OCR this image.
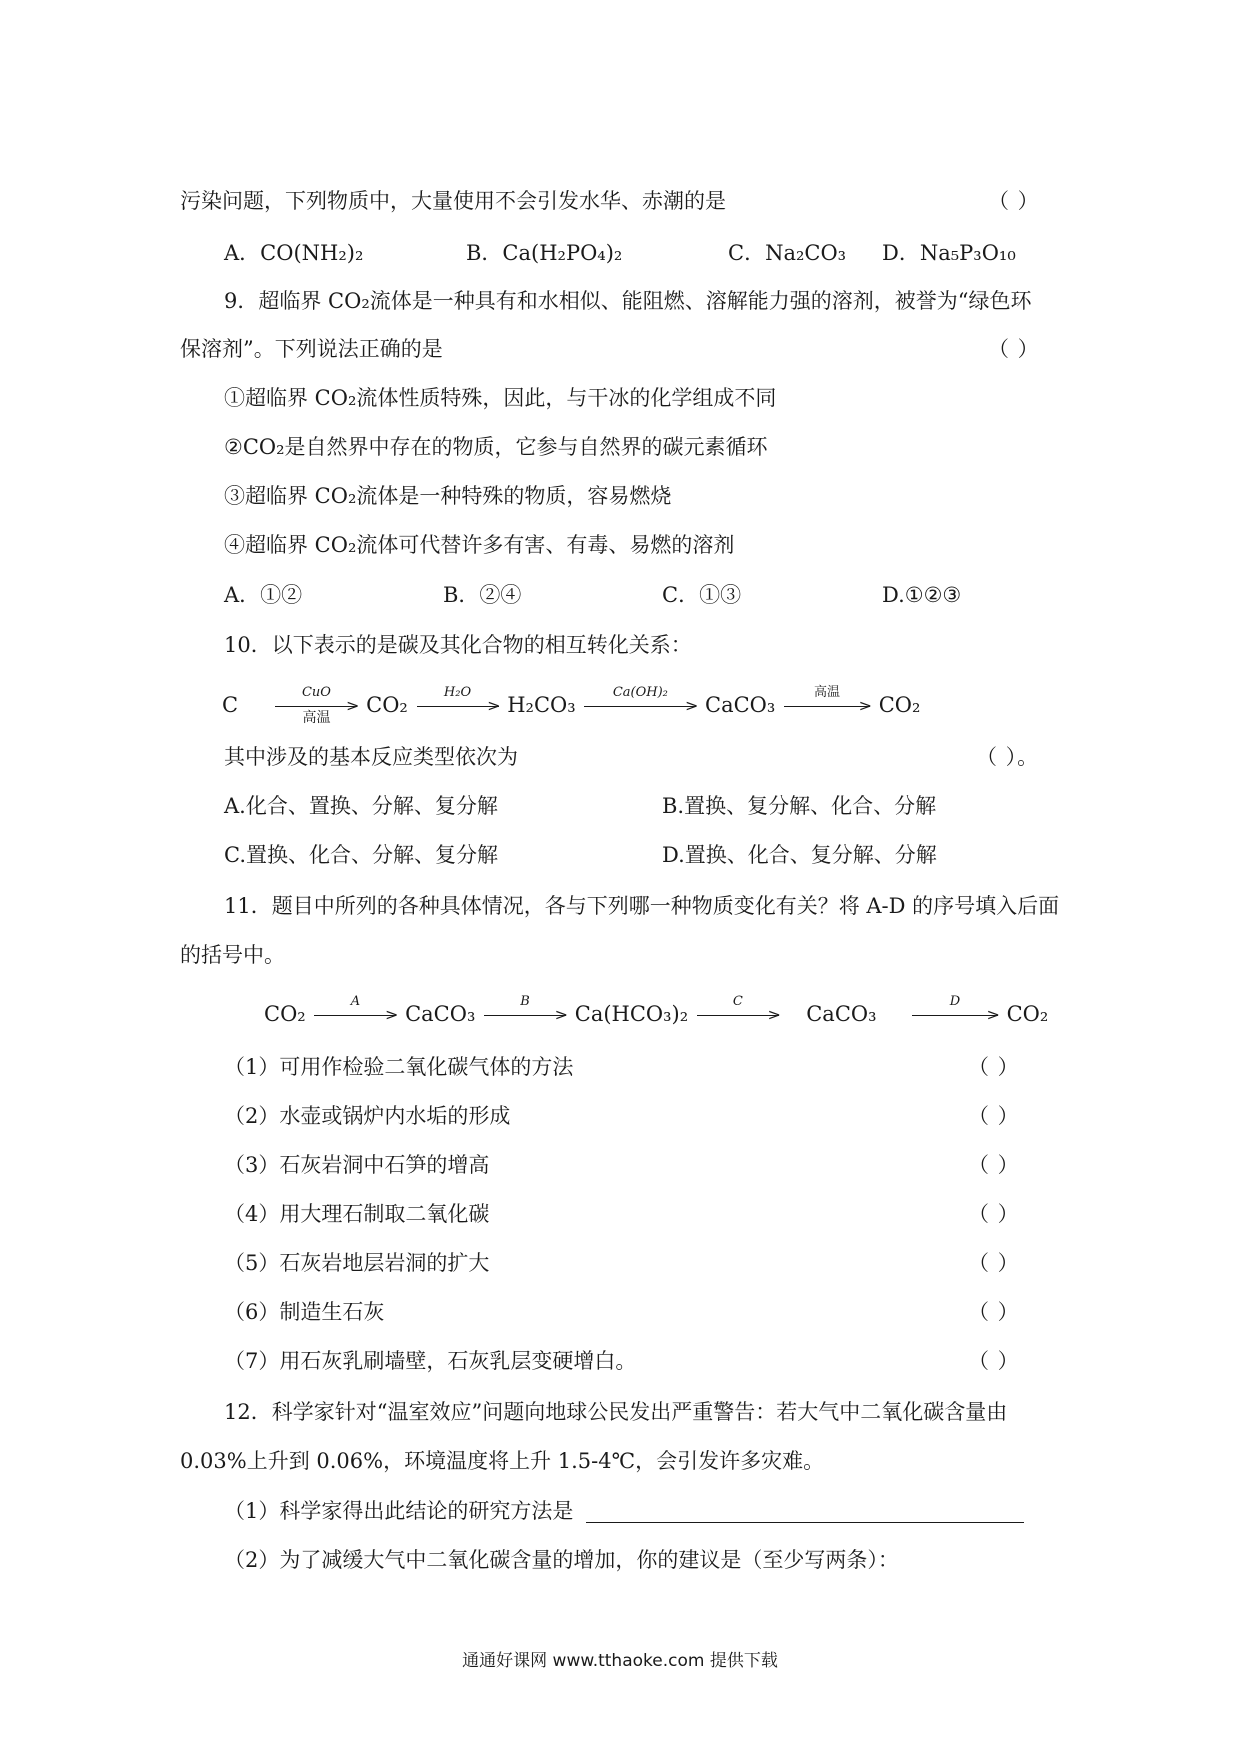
污染问题，下列物质中，大量使用不会引发水华、赤潮的是	（ ）
A．CO(NH₂)₂	B．Ca(H₂PO₄)₂	C．Na₂CO₃ D．Na₅P₃O₁₀
9．超临界 CO₂流体是一种具有和水相似、能阻燃、溶解能力强的溶剂，被誉为“绿色环
保溶剂”。下列说法正确的是	（ ）
①超临界 CO₂流体性质特殊，因此，与干冰的化学组成不同
②CO₂是自然界中存在的物质，它参与自然界的碳元素循环
③超临界 CO₂流体是一种特殊的物质，容易燃烧
④超临界 CO₂流体可代替许多有害、有毒、易燃的溶剂
A．①②	B．②④	C．①③	D.①②③
10．以下表示的是碳及其化合物的相互转化关系：
C
CuO
>
高温
CO₂
H₂O
> H₂CO₃
Ca(OH)₂
> CaCO₃
高温
> CO₂
其中涉及的基本反应类型依次为	（ ）。
A.化合、置换、分解、复分解	B.置换、复分解、化合、分解
C.置换、化合、分解、复分解	D.置换、化合、复分解、分解
11．题目中所列的各种具体情况，各与下列哪一种物质变化有关？将 A-D 的序号填入后面
的括号中。
CO₂
A
> CaCO₃
B
> Ca(HCO₃)₂
C
> CaCO₃
D
> CO₂
（1）可用作检验二氧化碳气体的方法	（ ）
（2）水壶或锅炉内水垢的形成	（ ）
（3）石灰岩洞中石笋的增高	（ ）
（4）用大理石制取二氧化碳	（ ）
（5）石灰岩地层岩洞的扩大	（ ）
（6）制造生石灰	（ ）
（7）用石灰乳刷墙壁，石灰乳层变硬增白。	（ ）
12．科学家针对“温室效应”问题向地球公民发出严重警告：若大气中二氧化碳含量由
0.03%上升到 0.06%，环境温度将上升 1.5-4℃，会引发许多灾难。
（1）科学家得出此结论的研究方法是
（2）为了减缓大气中二氧化碳含量的增加，你的建议是（至少写两条）：
通通好课网 www.tthaoke.com 提供下载
